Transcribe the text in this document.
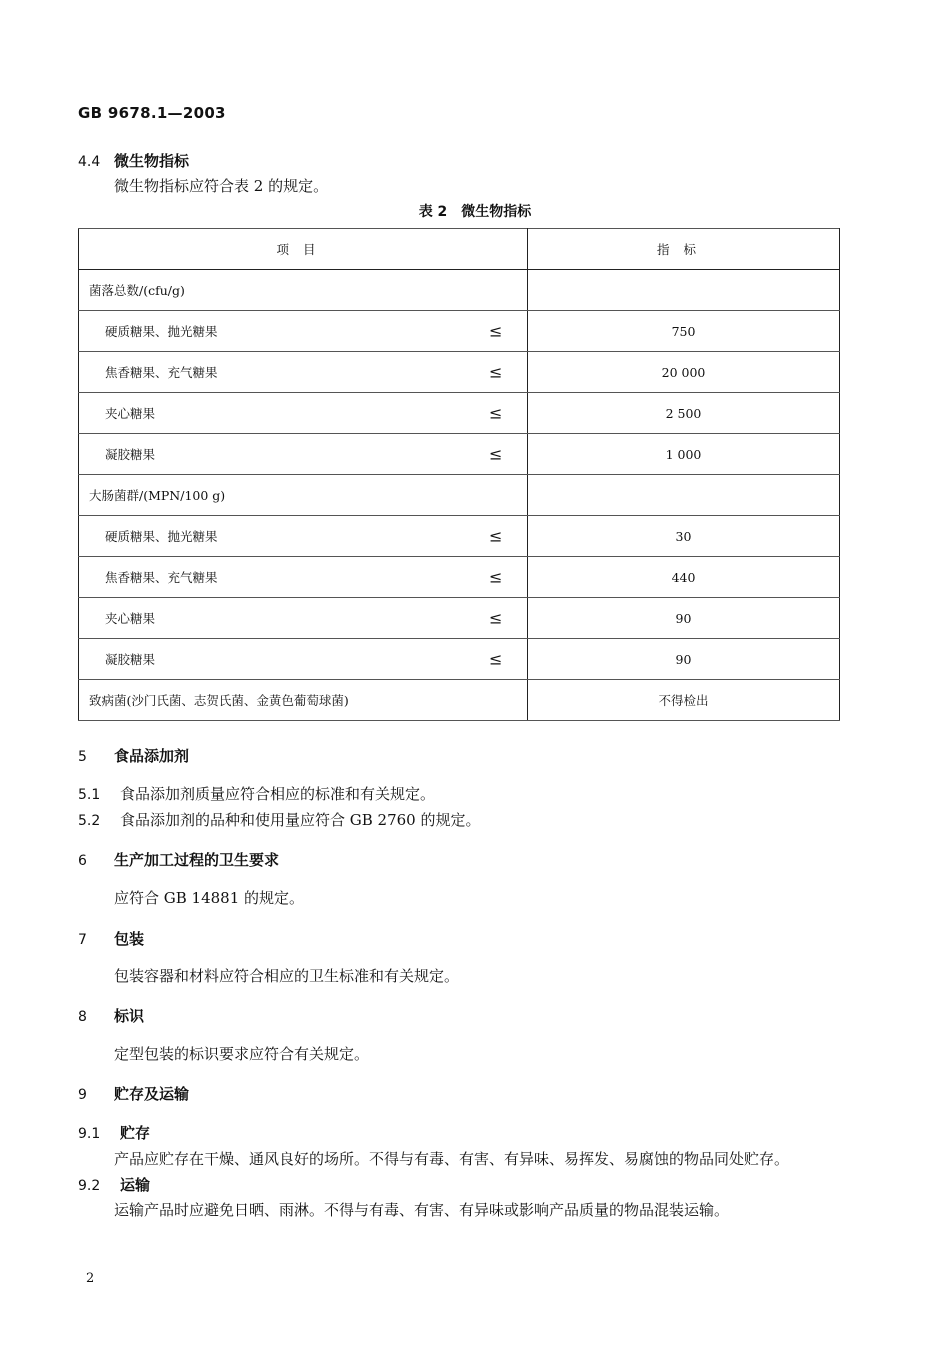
GB 9678.1—2003
4.4 微生物指标
微生物指标应符合表 2 的规定。
表 2　微生物指标
项目	指标

菌落总数/(cfu/g)	

硬质糖果、抛光糖果 ≤	750

焦香糖果、充气糖果 ≤	20 000

夹心糖果 ≤	2 500

凝胶糖果 ≤	1 000

大肠菌群/(MPN/100 g)	

硬质糖果、抛光糖果 ≤	30

焦香糖果、充气糖果 ≤	440

夹心糖果 ≤	90

凝胶糖果 ≤	90

致病菌(沙门氏菌、志贺氏菌、金黄色葡萄球菌)	不得检出
5 食品添加剂
5.1 食品添加剂质量应符合相应的标准和有关规定。
5.2 食品添加剂的品种和使用量应符合 GB 2760 的规定。
6 生产加工过程的卫生要求
应符合 GB 14881 的规定。
7 包装
包装容器和材料应符合相应的卫生标准和有关规定。
8 标识
定型包装的标识要求应符合有关规定。
9 贮存及运输
9.1 贮存
产品应贮存在干燥、通风良好的场所。不得与有毒、有害、有异味、易挥发、易腐蚀的物品同处贮存。
9.2 运输
运输产品时应避免日晒、雨淋。不得与有毒、有害、有异味或影响产品质量的物品混装运输。
2
